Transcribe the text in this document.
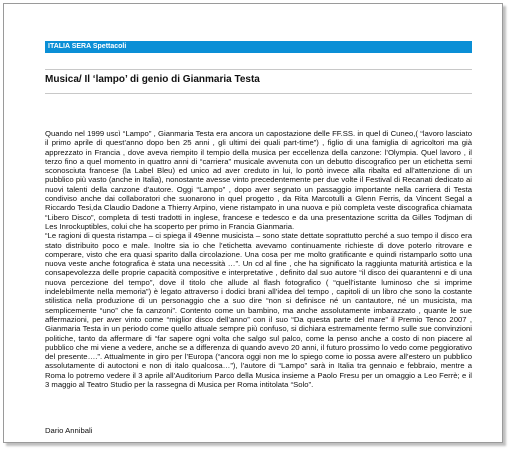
ITALIA SERA Spettacoli
Musica/ Il ‘lampo’ di genio di Gianmaria Testa

Quando nel 1999 uscì “Lampo” , Gianmaria Testa era ancora un capostazione delle FF.SS. in quel di Cuneo,( “lavoro lasciato il primo aprile di quest’anno dopo ben 25 anni , gli ultimi dei quali part-time”) , figlio di una famiglia di agricoltori ma già apprezzato in Francia , dove aveva riempito il tempio della musica per eccellenza della canzone: l’Olympia. Quel lavoro , il terzo fino a quel momento in quattro anni di “carriera” musicale avvenuta con un debutto discografico per un etichetta semi sconosciuta francese (la Label Bleu) ed unico ad aver creduto in lui, lo portò invece alla ribalta ed all’attenzione di un pubblico più vasto (anche in Italia), nonostante avesse vinto precedentemente per due volte il Festival di Recanati dedicato ai nuovi talenti della canzone d’autore. Oggi “Lampo” , dopo aver segnato un passaggio importante nella carriera di Testa condiviso anche dai collaboratori che suonarono in quel progetto , da Rita Marcotulli a Glenn Ferris, da Vincent Segal a Riccardo Tesi,da Claudio Dadone a Thierry Arpino, viene ristampato in una nuova e più completa veste discografica chiamata “Libero Disco”, completa di testi tradotti in inglese, francese e tedesco e da una presentazione scritta da Gilles Todjman di Les Inrockuptibles, colui che ha scoperto per primo in Francia Gianmaria.

“Le ragioni di questa ristampa – ci spiega il 49enne musicista – sono state dettate soprattutto perché a suo tempo il disco era stato distribuito poco e male. Inoltre sia io che l’etichetta avevamo continuamente richieste di dove poterlo ritrovare e comperare, visto che era quasi sparito dalla circolazione. Una cosa per me molto gratificante e quindi ristamparlo sotto una nuova veste anche fotografica è stata una necessità …”. Un cd al fine , che ha significato la raggiunta maturità artistica e la consapevolezza delle proprie capacità compositive e interpretative , definito dal suo autore “il disco dei quarantenni e di una nuova percezione del tempo”, dove il titolo che allude al flash fotografico ( “quell’istante luminoso che si imprime indelebilmente nella memoria”) è legato attraverso i dodici brani all’idea del tempo , capitoli di un libro che sono la costante stilistica nella produzione di un personaggio che a suo dire “non si definisce né un cantautore, né un musicista, ma semplicemente “uno” che fa canzoni”. Contento come un bambino, ma anche assolutamente imbarazzato , quante le sue affermazioni, per aver vinto come “miglior disco dell’anno” con il suo “Da questa parte del mare” il Premio Tenco 2007 , Gianmaria Testa in un periodo come quello attuale sempre più confuso, si dichiara estremamente fermo sulle sue convinzioni politiche, tanto da affermare di “far sapere ogni volta che salgo sul palco, come la penso anche a costo di non piacere al pubblico che mi viene a vedere, anche se a differenza di quando avevo 20 anni, il futuro prossimo lo vedo come peggiorativo del presente….”. Attualmente in giro per l’Europa (“ancora oggi non me lo spiego come io possa avere all’estero un pubblico assolutamente di autoctoni e non di italo qualcosa…”), l’autore di “Lampo” sarà in Italia tra gennaio e febbraio, mentre a Roma lo potremo vedere il 3 aprile all’Auditorium Parco della Musica insieme a Paolo Fresu per un omaggio a Leo Ferrè; e il 3 maggio al Teatro Studio per la rassegna di Musica per Roma intitolata “Solo”.

Dario Annibali
